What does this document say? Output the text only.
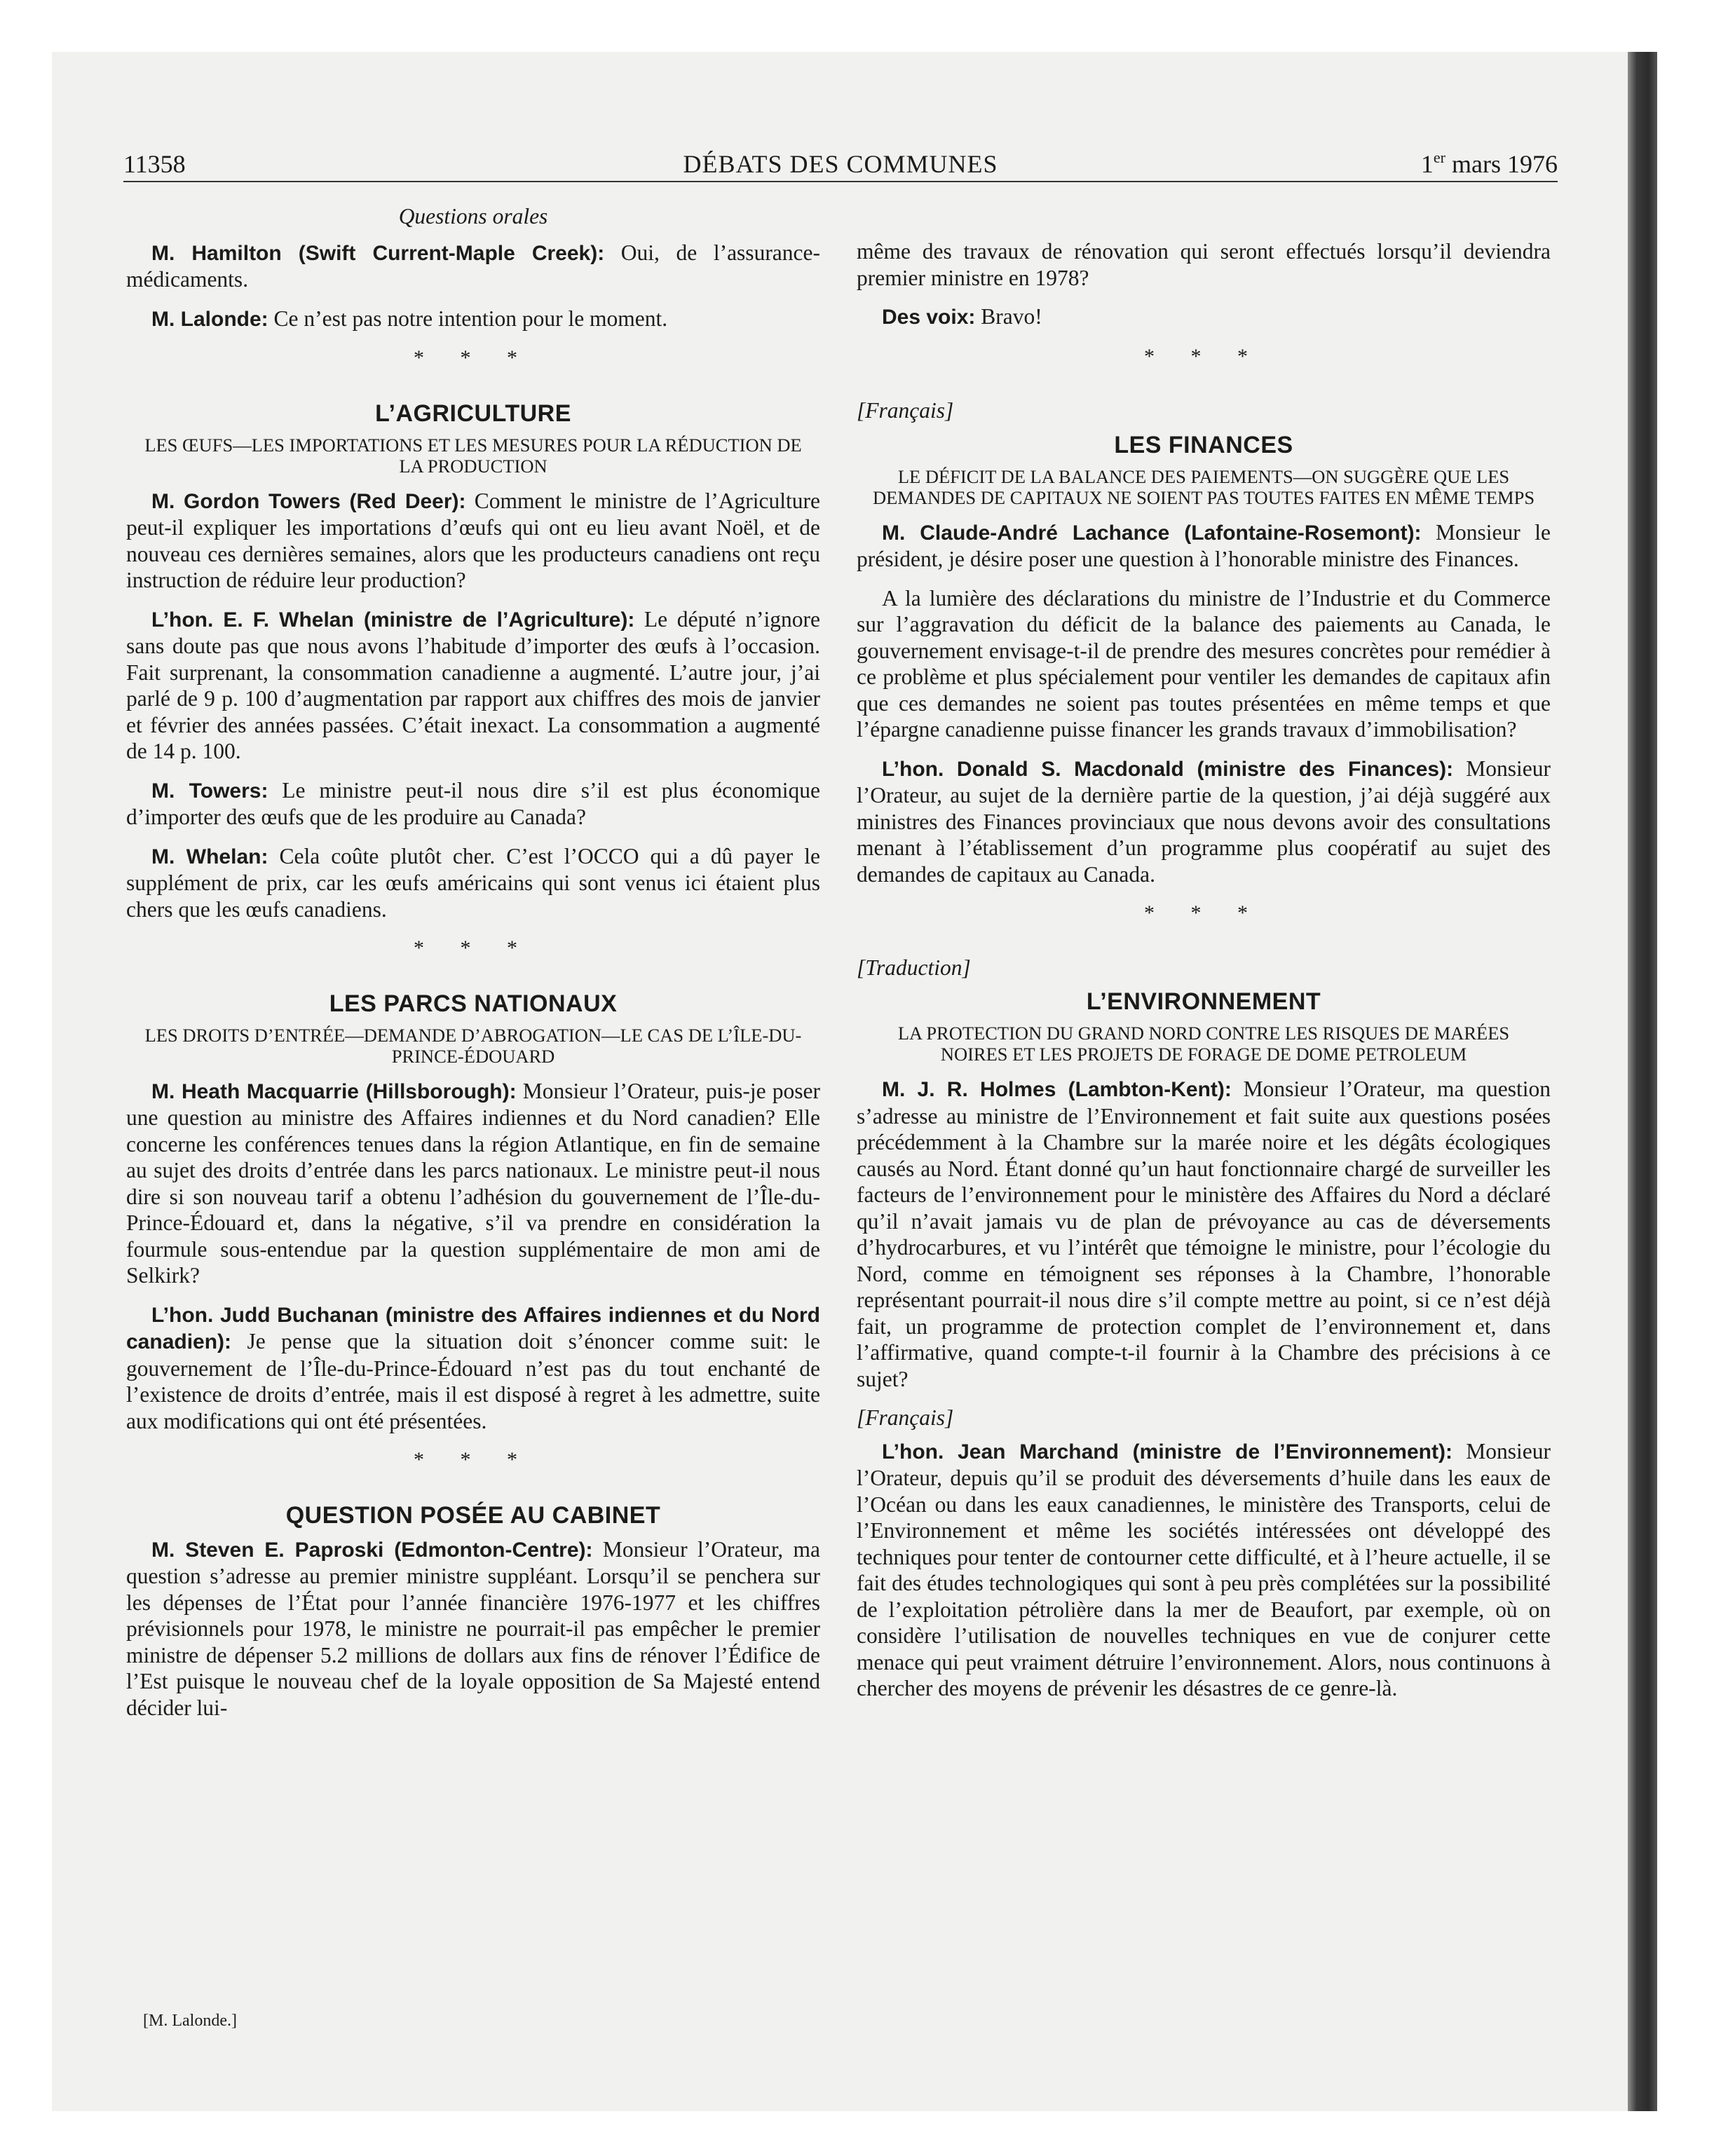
11358	DÉBATS DES COMMUNES	1er mars 1976
Questions orales

M. Hamilton (Swift Current-Maple Creek): Oui, de l’assurance-médicaments.

M. Lalonde: Ce n’est pas notre intention pour le moment.

* * *
L’AGRICULTURE
LES ŒUFS—LES IMPORTATIONS ET LES MESURES POUR LA RÉDUCTION DE LA PRODUCTION

M. Gordon Towers (Red Deer): Comment le ministre de l’Agriculture peut-il expliquer les importations d’œufs qui ont eu lieu avant Noël, et de nouveau ces dernières semaines, alors que les producteurs canadiens ont reçu instruction de réduire leur production?

L’hon. E. F. Whelan (ministre de l’Agriculture): Le député n’ignore sans doute pas que nous avons l’habitude d’importer des œufs à l’occasion. Fait surprenant, la consommation canadienne a augmenté. L’autre jour, j’ai parlé de 9 p. 100 d’augmentation par rapport aux chiffres des mois de janvier et février des années passées. C’était inexact. La consommation a augmenté de 14 p. 100.

M. Towers: Le ministre peut-il nous dire s’il est plus économique d’importer des œufs que de les produire au Canada?

M. Whelan: Cela coûte plutôt cher. C’est l’OCCO qui a dû payer le supplément de prix, car les œufs américains qui sont venus ici étaient plus chers que les œufs canadiens.

* * *
LES PARCS NATIONAUX
LES DROITS D’ENTRÉE—DEMANDE D’ABROGATION—LE CAS DE L’ÎLE-DU-PRINCE-ÉDOUARD

M. Heath Macquarrie (Hillsborough): Monsieur l’Orateur, puis-je poser une question au ministre des Affaires indiennes et du Nord canadien? Elle concerne les conférences tenues dans la région Atlantique, en fin de semaine au sujet des droits d’entrée dans les parcs nationaux. Le ministre peut-il nous dire si son nouveau tarif a obtenu l’adhésion du gouvernement de l’Île-du-Prince-Édouard et, dans la négative, s’il va prendre en considération la fourmule sous-entendue par la question supplémentaire de mon ami de Selkirk?

L’hon. Judd Buchanan (ministre des Affaires indiennes et du Nord canadien): Je pense que la situation doit s’énoncer comme suit: le gouvernement de l’Île-du-Prince-Édouard n’est pas du tout enchanté de l’existence de droits d’entrée, mais il est disposé à regret à les admettre, suite aux modifications qui ont été présentées.

* * *
QUESTION POSÉE AU CABINET

M. Steven E. Paproski (Edmonton-Centre): Monsieur l’Orateur, ma question s’adresse au premier ministre suppléant. Lorsqu’il se penchera sur les dépenses de l’État pour l’année financière 1976-1977 et les chiffres prévisionnels pour 1978, le ministre ne pourrait-il pas empêcher le premier ministre de dépenser 5.2 millions de dollars aux fins de rénover l’Édifice de l’Est puisque le nouveau chef de la loyale opposition de Sa Majesté entend décider lui-

même des travaux de rénovation qui seront effectués lorsqu’il deviendra premier ministre en 1978?

Des voix: Bravo!

* * *
[Français]
LES FINANCES
LE DÉFICIT DE LA BALANCE DES PAIEMENTS—ON SUGGÈRE QUE LES DEMANDES DE CAPITAUX NE SOIENT PAS TOUTES FAITES EN MÊME TEMPS

M. Claude-André Lachance (Lafontaine-Rosemont): Monsieur le président, je désire poser une question à l’honorable ministre des Finances.

A la lumière des déclarations du ministre de l’Industrie et du Commerce sur l’aggravation du déficit de la balance des paiements au Canada, le gouvernement envisage-t-il de prendre des mesures concrètes pour remédier à ce problème et plus spécialement pour ventiler les demandes de capitaux afin que ces demandes ne soient pas toutes présentées en même temps et que l’épargne canadienne puisse financer les grands travaux d’immobilisation?

L’hon. Donald S. Macdonald (ministre des Finances): Monsieur l’Orateur, au sujet de la dernière partie de la question, j’ai déjà suggéré aux ministres des Finances provinciaux que nous devons avoir des consultations menant à l’établissement d’un programme plus coopératif au sujet des demandes de capitaux au Canada.

* * *
[Traduction]
L’ENVIRONNEMENT
LA PROTECTION DU GRAND NORD CONTRE LES RISQUES DE MARÉES NOIRES ET LES PROJETS DE FORAGE DE DOME PETROLEUM

M. J. R. Holmes (Lambton-Kent): Monsieur l’Orateur, ma question s’adresse au ministre de l’Environnement et fait suite aux questions posées précédemment à la Chambre sur la marée noire et les dégâts écologiques causés au Nord. Étant donné qu’un haut fonctionnaire chargé de surveiller les facteurs de l’environnement pour le ministère des Affaires du Nord a déclaré qu’il n’avait jamais vu de plan de prévoyance au cas de déversements d’hydrocarbures, et vu l’intérêt que témoigne le ministre, pour l’écologie du Nord, comme en témoignent ses réponses à la Chambre, l’honorable représentant pourrait-il nous dire s’il compte mettre au point, si ce n’est déjà fait, un programme de protection complet de l’environnement et, dans l’affirmative, quand compte-t-il fournir à la Chambre des précisions à ce sujet?

[Français]

L’hon. Jean Marchand (ministre de l’Environnement): Monsieur l’Orateur, depuis qu’il se produit des déversements d’huile dans les eaux de l’Océan ou dans les eaux canadiennes, le ministère des Transports, celui de l’Environnement et même les sociétés intéressées ont développé des techniques pour tenter de contourner cette difficulté, et à l’heure actuelle, il se fait des études technologiques qui sont à peu près complétées sur la possibilité de l’exploitation pétrolière dans la mer de Beaufort, par exemple, où on considère l’utilisation de nouvelles techniques en vue de conjurer cette menace qui peut vraiment détruire l’environnement. Alors, nous continuons à chercher des moyens de prévenir les désastres de ce genre-là.

[M. Lalonde.]
